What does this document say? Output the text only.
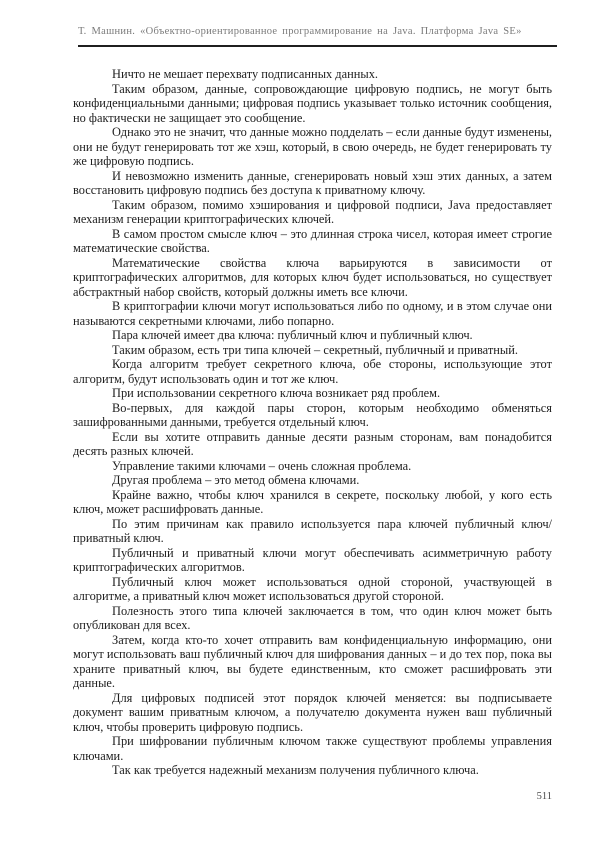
Т. Машнин. «Объектно-ориентированное программирование на Java. Платформа Java SE»

Ничто не мешает перехвату подписанных данных.

Таким образом, данные, сопровождающие цифровую подпись, не могут быть конфиденциальными данными; цифровая подпись указывает только источник сообщения, но фактически не защищает это сообщение.

Однако это не значит, что данные можно подделать – если данные будут изменены, они не будут генерировать тот же хэш, который, в свою очередь, не будет генерировать ту же цифровую подпись.

И невозможно изменить данные, сгенерировать новый хэш этих данных, а затем восстановить цифровую подпись без доступа к приватному ключу.

Таким образом, помимо хэширования и цифровой подписи, Java предоставляет механизм генерации криптографических ключей.

В самом простом смысле ключ – это длинная строка чисел, которая имеет строгие математические свойства.

Математические свойства ключа варьируются в зависимости от криптографических алгоритмов, для которых ключ будет использоваться, но существует абстрактный набор свойств, который должны иметь все ключи.

В криптографии ключи могут использоваться либо по одному, и в этом случае они называются секретными ключами, либо попарно.

Пара ключей имеет два ключа: публичный ключ и публичный ключ.

Таким образом, есть три типа ключей – секретный, публичный и приватный.

Когда алгоритм требует секретного ключа, обе стороны, использующие этот алгоритм, будут использовать один и тот же ключ.

При использовании секретного ключа возникает ряд проблем.

Во-первых, для каждой пары сторон, которым необходимо обменяться зашифрованными данными, требуется отдельный ключ.

Если вы хотите отправить данные десяти разным сторонам, вам понадобится десять разных ключей.

Управление такими ключами – очень сложная проблема.

Другая проблема – это метод обмена ключами.

Крайне важно, чтобы ключ хранился в секрете, поскольку любой, у кого есть ключ, может расшифровать данные.

По этим причинам как правило используется пара ключей публичный ключ/приватный ключ.

Публичный и приватный ключи могут обеспечивать асимметричную работу криптографических алгоритмов.

Публичный ключ может использоваться одной стороной, участвующей в алгоритме, а приватный ключ может использоваться другой стороной.

Полезность этого типа ключей заключается в том, что один ключ может быть опубликован для всех.

Затем, когда кто-то хочет отправить вам конфиденциальную информацию, они могут использовать ваш публичный ключ для шифрования данных – и до тех пор, пока вы храните приватный ключ, вы будете единственным, кто сможет расшифровать эти данные.

Для цифровых подписей этот порядок ключей меняется: вы подписываете документ вашим приватным ключом, а получателю документа нужен ваш публичный ключ, чтобы проверить цифровую подпись.

При шифровании публичным ключом также существуют проблемы управления ключами.

Так как требуется надежный механизм получения публичного ключа.

511
